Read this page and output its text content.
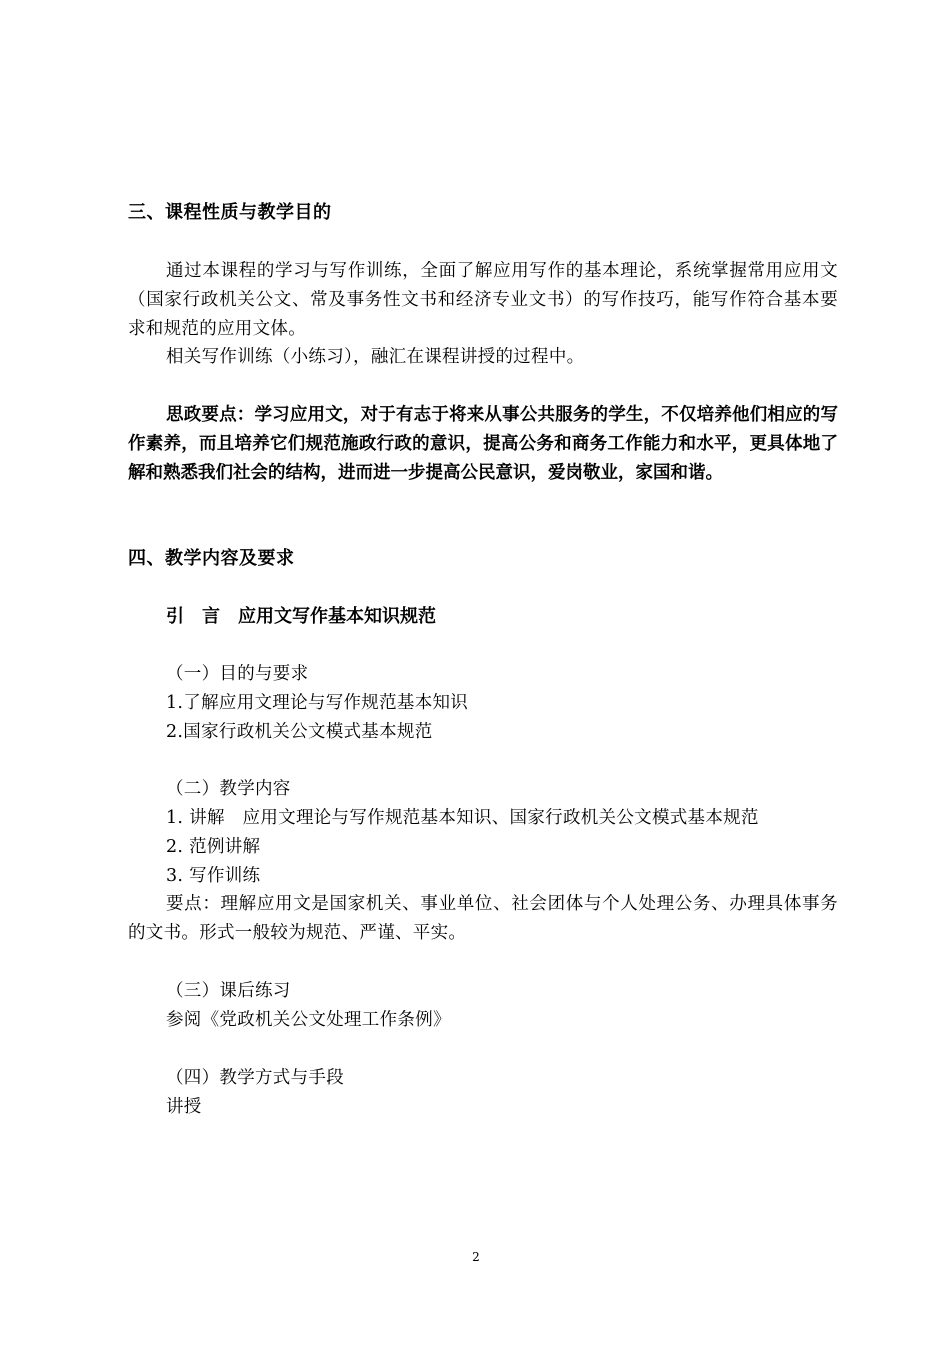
三、课程性质与教学目的

通过本课程的学习与写作训练，全面了解应用写作的基本理论，系统掌握常用应用文（国家行政机关公文、常及事务性文书和经济专业文书）的写作技巧，能写作符合基本要求和规范的应用文体。

相关写作训练（小练习），融汇在课程讲授的过程中。

思政要点：学习应用文，对于有志于将来从事公共服务的学生，不仅培养他们相应的写作素养，而且培养它们规范施政行政的意识，提高公务和商务工作能力和水平，更具体地了解和熟悉我们社会的结构，进而进一步提高公民意识，爱岗敬业，家国和谐。

四、教学内容及要求
引　言　应用文写作基本知识规范
（一）目的与要求
1.了解应用文理论与写作规范基本知识
2.国家行政机关公文模式基本规范
（二）教学内容
1. 讲解　应用文理论与写作规范基本知识、国家行政机关公文模式基本规范
2. 范例讲解
3. 写作训练

要点：理解应用文是国家机关、事业单位、社会团体与个人处理公务、办理具体事务的文书。形式一般较为规范、严谨、平实。

（三）课后练习
参阅《党政机关公文处理工作条例》
（四）教学方式与手段
讲授
2
